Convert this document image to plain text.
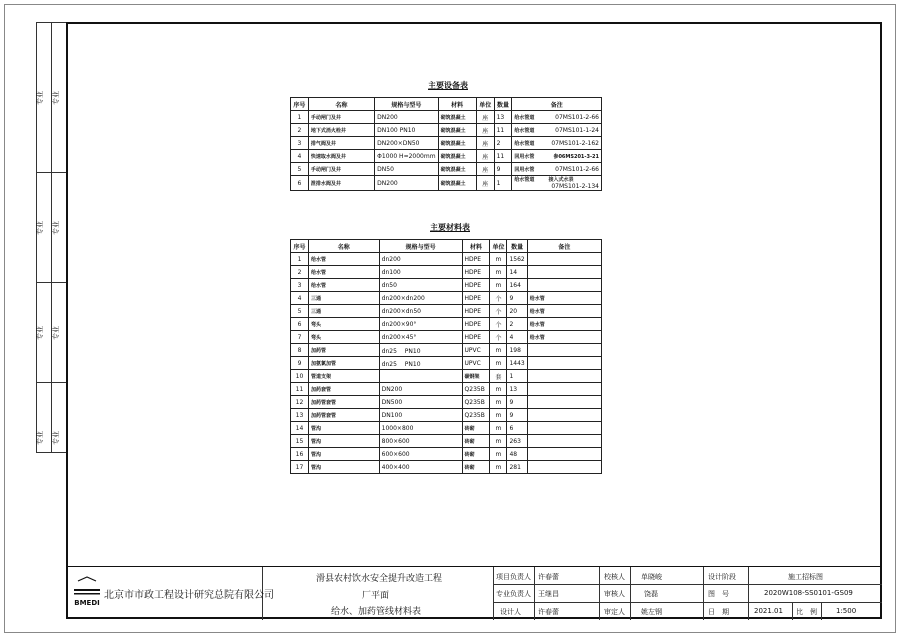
专业 专业
专业 专业
专业 专业
专业 专业
主要设备表
序号	名称	规格与型号	材料	单位	数量	备注
1	手动闸门及井	DN200	砌筑混凝土	座	13	给水管道 07MS101-2-66

2	地下式消火栓井	DN100 PN10	砌筑混凝土	座	11	给水管道 07MS101-1-24

3	排气阀及井	DN200×DN50	砌筑混凝土	座	2	给水管道 07MS101-2-162

4	快速取水阀及井	Φ1000 H=2000mm	砌筑混凝土	座	11	回用水管 参06MS201-3-21

5	手动闸门及井	DN50	砌筑混凝土	座	9	回用水管 07MS101-2-66

6	泄排水阀及井	DN200	砌筑混凝土	座	1	给水管道 接入式水表
07MS101-2-134
主要材料表
序号	名称	规格与型号	材料	单位	数量	备注
1	给水管	dn200	HDPE	m	1562	
2	给水管	dn100	HDPE	m	14	
3	给水管	dn50	HDPE	m	164	
4	三通	dn200×dn200	HDPE	个	9	给水管
5	三通	dn200×dn50	HDPE	个	20	给水管
6	弯头	dn200×90°	HDPE	个	2	给水管
7	弯头	dn200×45°	HDPE	个	4	给水管
8	加药管	dn25　 PN10	UPVC	m	198	
9	加氨氯加管	dn25　 PN10	UPVC	m	1443	
10	管道支架		碳钢架	套	1	
11	加药套管	DN200	Q235B	m	13	
12	加药管套管	DN500	Q235B	m	9	
13	加药管套管	DN100	Q235B	m	9	
14	管沟	1000×800	砖砌	m	6	
15	管沟	800×600	砖砌	m	263	
16	管沟	600×600	砖砌	m	48	
17	管沟	400×400	砖砌	m	281	
BMEDI
北京市市政工程设计研究总院有限公司
滑县农村饮水安全提升改造工程
厂平面
给水、加药管线材料表
项目负责人 许春蕾
专业负责人 王继昌
设计人 许春蕾
校核人 单晓峻
审核人	饶磊
审定人 姚左钢
设计阶段	施工招标图
图　号	2020W108-SS0101-GS09
日　期	2021.01 比　例	1:500
